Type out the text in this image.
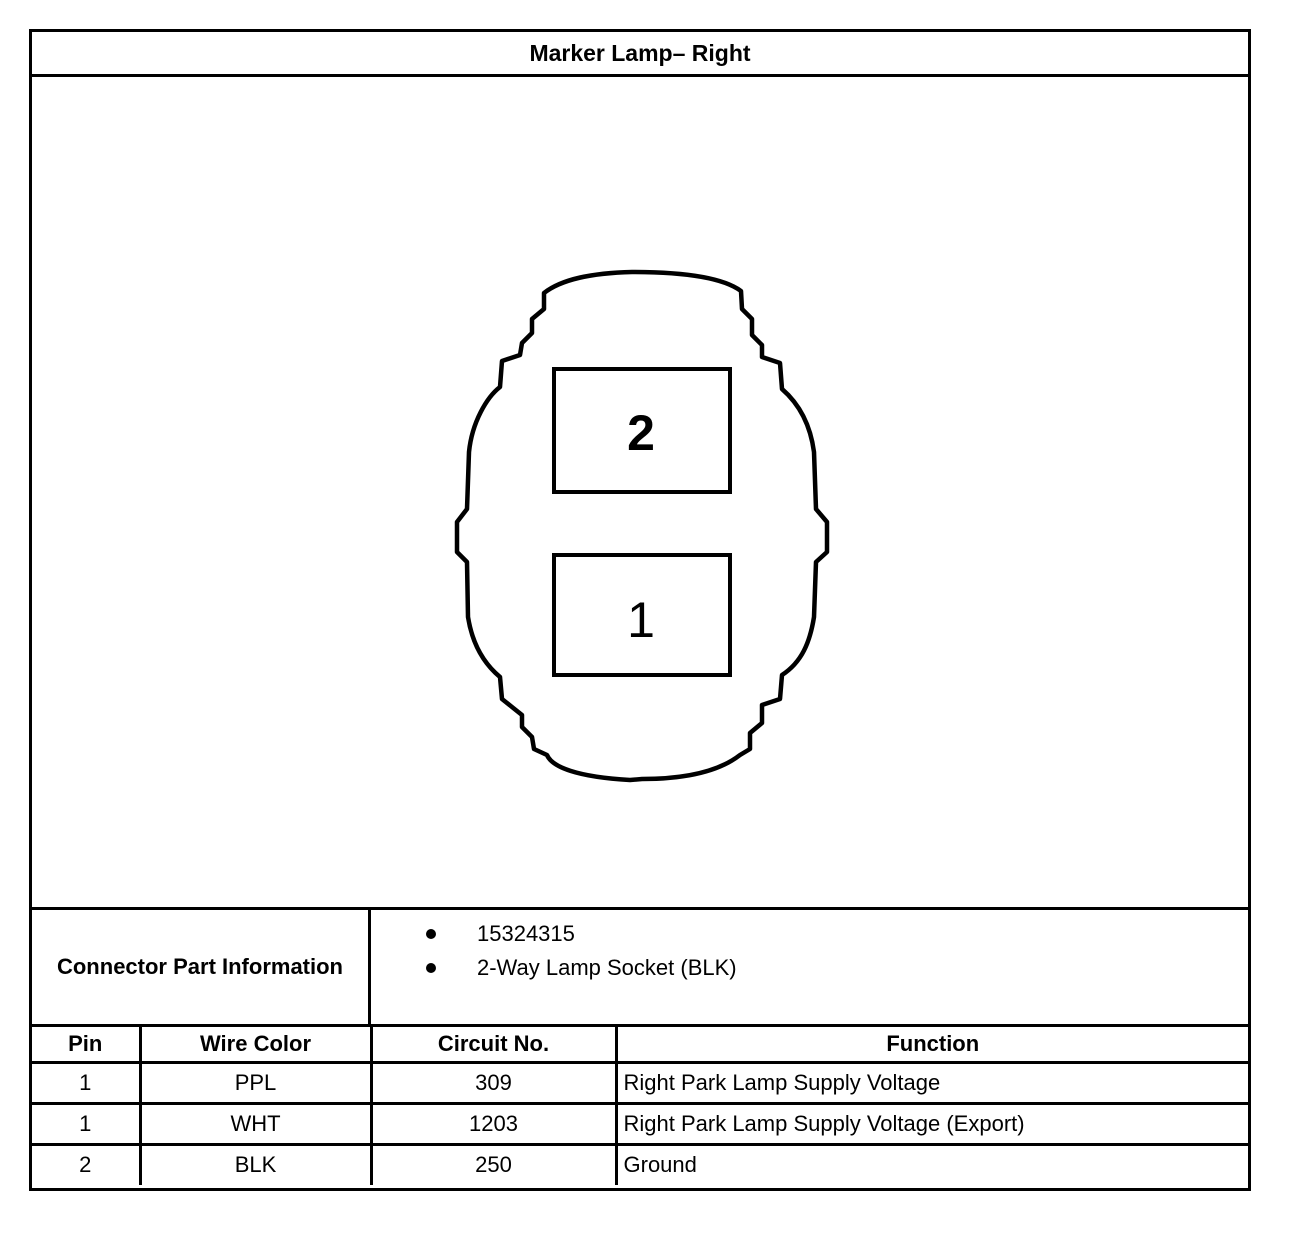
Marker Lamp– Right
2
1
Connector Part Information
15324315
2-Way Lamp Socket (BLK)
Pin	Wire Color	Circuit No.	Function
1	PPL	309	Right Park Lamp Supply Voltage
1	WHT	1203	Right Park Lamp Supply Voltage (Export)
2	BLK	250	Ground
